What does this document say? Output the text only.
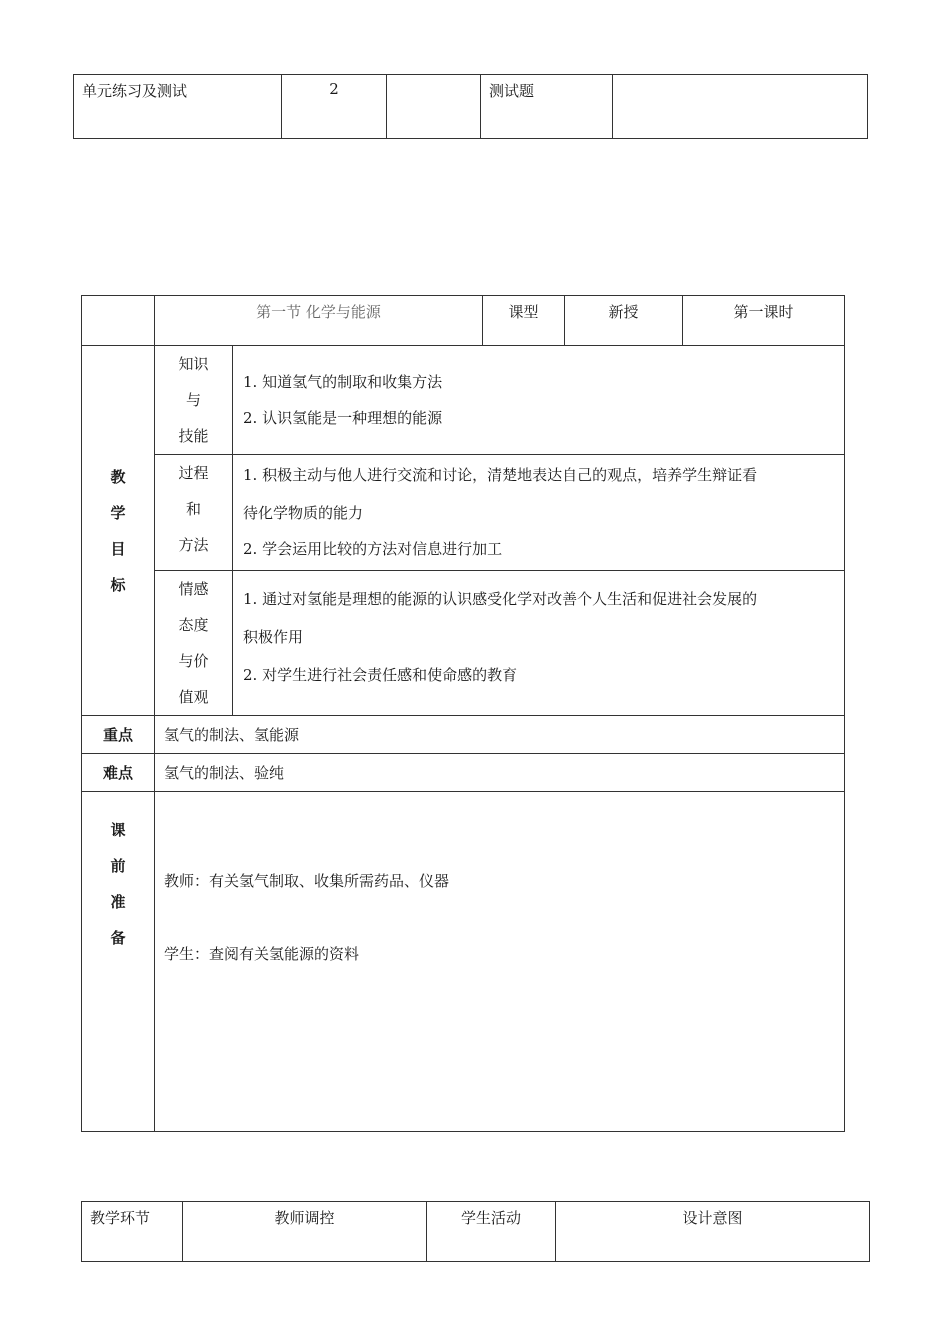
单元练习及测试	2		测试题	
	第一节 化学与能源		课型	新授	第一课时

教
学
目
标	知识
与
技能	1. 知道氢气的制取和收集方法
2. 认识氢能是一种理想的能源			

	过程
和
方法	1. 积极主动与他人进行交流和讨论，清楚地表达自己的观点，培养学生辩证看
待化学物质的能力
2. 学会运用比较的方法对信息进行加工			

	情感
态度
与价
值观	1. 通过对氢能是理想的能源的认识感受化学对改善个人生活和促进社会发展的
积极作用
2. 对学生进行社会责任感和使命感的教育			

重点	氢气的制法、氢能源				
难点	氢气的制法、验纯				

课
前
准
备	教师：有关氢气制取、收集所需药品、仪器
学生：查阅有关氢能源的资料				
教学环节	教师调控	学生活动	设计意图
